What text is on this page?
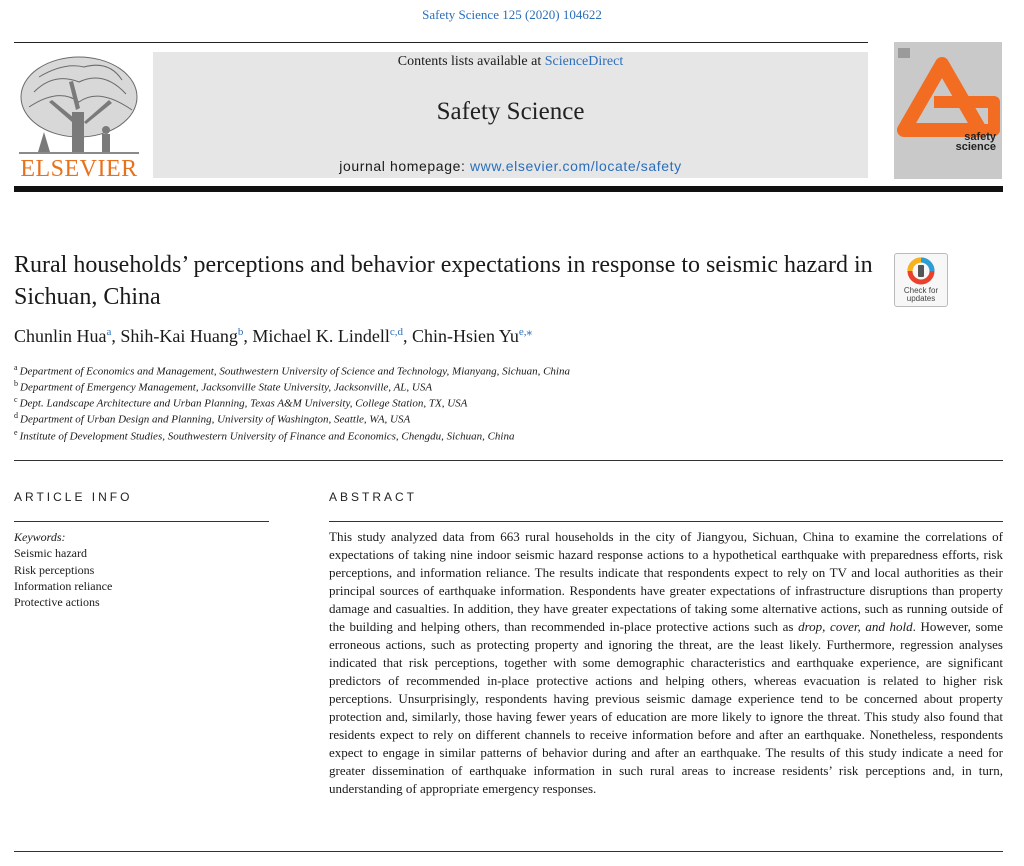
Safety Science 125 (2020) 104622
ELSEVIER
Contents lists available at ScienceDirect
Safety Science
journal homepage: www.elsevier.com/locate/safety
safety
science
Rural households’ perceptions and behavior expectations in response to seismic hazard in Sichuan, China	Check for updates
Chunlin Hua$^a$, Shih-Kai Huang$^b$, Michael K. Lindell$^{c,d}$, Chin-Hsien $Yu^{e,⁎}$
$^a$ Department of Economics and Management, Southwestern University of Science and Technology, Mianyang, Sichuan, China
$^b$ Department of Emergency Management, Jacksonville State University, Jacksonville, AL, USA
$^c$ Dept. Landscape Architecture and Urban Planning, Texas A&M University, College Station, TX, USA
$^d$ Department of Urban Design and Planning, University of Washington, Seattle, WA, USA
$^e$ Institute of Development Studies, Southwestern University of Finance and Economics, Chengdu, Sichuan, China
ARTICLE INFO
Keywords:
Seismic hazard
Risk perceptions
Information reliance
Protective actions
ABSTRACT
This study analyzed data from 663 rural households in the city of Jiangyou, Sichuan, China to examine the correlations of expectations of taking nine indoor seismic hazard response actions to a hypothetical earthquake with preparedness efforts, risk perceptions, and information reliance. The results indicate that respondents expect to rely on TV and local authorities as their principal sources of earthquake information. Respondents have greater expectations of infrastructure disruptions than property damage and casualties. In addition, they have greater expectations of taking some alternative actions, such as running outside of the building and helping others, than recommended in-place protective actions such as drop, cover, and hold. However, some erroneous actions, such as protecting property and ignoring the threat, are the least likely. Furthermore, regression analyses indicated that risk perceptions, together with some demographic characteristics and earthquake experience, are significant predictors of recommended in-place protective actions and helping others, whereas evacuation is related to higher risk perceptions. Unsurprisingly, respondents having previous seismic damage experience tend to be concerned about property protection and, similarly, those having fewer years of education are more likely to ignore the threat. This study also found that residents expect to rely on different channels to receive information before and after an earthquake. Nonetheless, respondents expect to engage in similar patterns of behavior during and after an earthquake. The results of this study indicate a need for greater dissemination of earthquake information in such rural areas to increase residents’ risk perceptions and, in turn, understanding of appropriate emergency responses.
